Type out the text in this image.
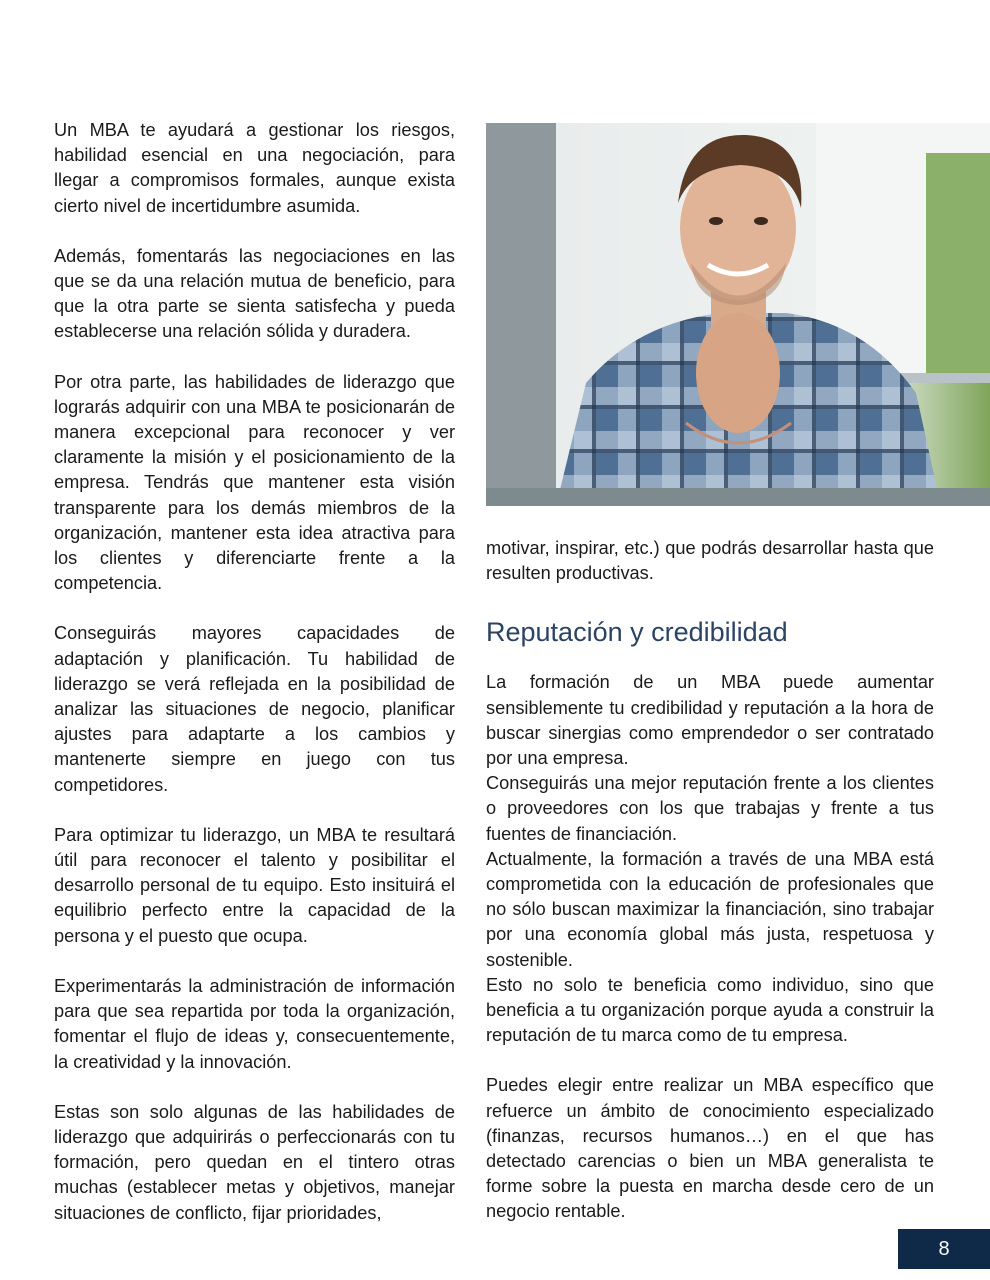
Un MBA te ayudará a gestionar los riesgos, habilidad esencial en una negociación, para llegar a compromisos formales, aunque exista cierto nivel de incertidumbre asumida.

Además, fomentarás las negociaciones en las que se da una relación mutua de beneficio, para que la otra parte se sienta satisfecha y pueda establecerse una relación sólida y duradera.

Por otra parte, las habilidades de liderazgo que lograrás adquirir con una MBA te posicionarán de manera excepcional para reconocer y ver claramente la misión y el posicionamiento de la empresa. Tendrás que mantener esta visión transparente para los demás miembros de la organización, mantener esta idea atractiva para los clientes y diferenciarte frente a la competencia.

Conseguirás mayores capacidades de adaptación y planificación. Tu habilidad de liderazgo se verá reflejada en la posibilidad de analizar las situaciones de negocio, planificar ajustes para adaptarte a los cambios y mantenerte siempre en juego con tus competidores.

Para optimizar tu liderazgo, un MBA te resultará útil para reconocer el talento y posibilitar el desarrollo personal de tu equipo. Esto insituirá el equilibrio perfecto entre la capacidad de la persona y el puesto que ocupa.

Experimentarás la administración de información para que sea repartida por toda la organización, fomentar el flujo de ideas y, consecuentemente, la creatividad y la innovación.

Estas son solo algunas de las habilidades de liderazgo que adquirirás o perfeccionarás con tu formación, pero quedan en el tintero otras muchas (establecer metas y objetivos, manejar situaciones de conflicto, fijar prioridades,

motivar, inspirar, etc.) que podrás desarrollar hasta que resulten productivas.

Reputación y credibilidad

La formación de un MBA puede aumentar sensiblemente tu credibilidad y reputación a la hora de buscar sinergias como emprendedor o ser contratado por una empresa.

Conseguirás una mejor reputación frente a los clientes o proveedores con los que trabajas y frente a tus fuentes de financiación.

Actualmente, la formación a través de una MBA está comprometida con la educación de profesionales que no sólo buscan maximizar la financiación, sino trabajar por una economía global más justa, respetuosa y sostenible.

Esto no solo te beneficia como individuo, sino que beneficia a tu organización porque ayuda a construir la reputación de tu marca como de tu empresa.

Puedes elegir entre realizar un MBA específico que refuerce un ámbito de conocimiento especializado (finanzas, recursos humanos…) en el que has detectado carencias o bien un MBA generalista te forme sobre la puesta en marcha desde cero de un negocio rentable.

8
